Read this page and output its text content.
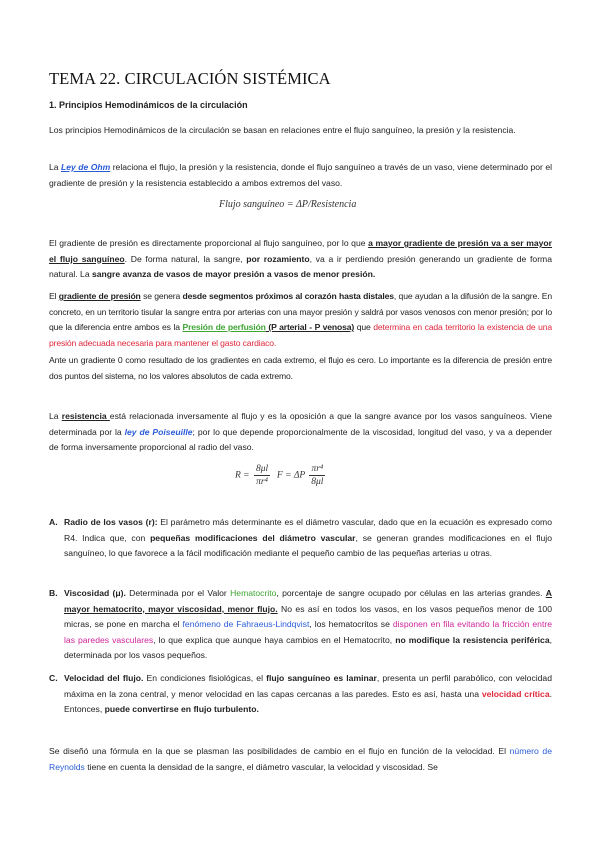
TEMA 22. CIRCULACIÓN SISTÉMICA
1. Principios Hemodinámicos de la circulación
Los principios Hemodinámicos de la circulación se basan en relaciones entre el flujo sanguíneo, la presión y la resistencia.
La Ley de Ohm relaciona el flujo, la presión y la resistencia, donde el flujo sanguíneo a través de un vaso, viene determinado por el gradiente de presión y la resistencia establecido a ambos extremos del vaso.
Flujo sanguíneo = ΔP/Resistencia
El gradiente de presión es directamente proporcional al flujo sanguíneo, por lo que a mayor gradiente de presión va a ser mayor el flujo sanguíneo. De forma natural, la sangre, por rozamiento, va a ir perdiendo presión generando un gradiente de forma natural. La sangre avanza de vasos de mayor presión a vasos de menor presión.
El gradiente de presión se genera desde segmentos próximos al corazón hasta distales, que ayudan a la difusión de la sangre. En concreto, en un territorio tisular la sangre entra por arterias con una mayor presión y saldrá por vasos venosos con menor presión; por lo que la diferencia entre ambos es la Presión de perfusión (P arterial - P venosa) que determina en cada territorio la existencia de una presión adecuada necesaria para mantener el gasto cardiaco.
Ante un gradiente 0 como resultado de los gradientes en cada extremo, el flujo es cero. Lo importante es la diferencia de presión entre dos puntos del sistema, no los valores absolutos de cada extremo.
La resistencia está relacionada inversamente al flujo y es la oposición a que la sangre avance por los vasos sanguíneos. Viene determinada por la ley de Poiseuille; por lo que depende proporcionalmente de la viscosidad, longitud del vaso, y va a depender de forma inversamente proporcional al radio del vaso.
$R = \frac{8\mu l}{\text{πr⁴}}$ F = ΔP $\frac{\text{πr⁴}}{8\mu l}$
A. Radio de los vasos (r): El parámetro más determinante es el diámetro vascular, dado que en la ecuación es expresado como R4. Indica que, con pequeñas modificaciones del diámetro vascular, se generan grandes modificaciones en el flujo sanguíneo, lo que favorece a la fácil modificación mediante el pequeño cambio de las pequeñas arterias u otras.
B. Viscosidad (μ). Determinada por el Valor Hematocrito, porcentaje de sangre ocupado por células en las arterias grandes. A mayor hematocrito, mayor viscosidad, menor flujo. No es así en todos los vasos, en los vasos pequeños menor de 100 micras, se pone en marcha el fenómeno de Fahraeus-Lindqvist, los hematocritos se disponen en fila evitando la fricción entre las paredes vasculares, lo que explica que aunque haya cambios en el Hematocrito, no modifique la resistencia periférica, determinada por los vasos pequeños.
C. Velocidad del flujo. En condiciones fisiológicas, el flujo sanguíneo es laminar, presenta un perfil parabólico, con velocidad máxima en la zona central, y menor velocidad en las capas cercanas a las paredes. Esto es así, hasta una velocidad crítica. Entonces, puede convertirse en flujo turbulento.
Se diseñó una fórmula en la que se plasman las posibilidades de cambio en el flujo en función de la velocidad. El número de Reynolds tiene en cuenta la densidad de la sangre, el diámetro vascular, la velocidad y viscosidad. Se
